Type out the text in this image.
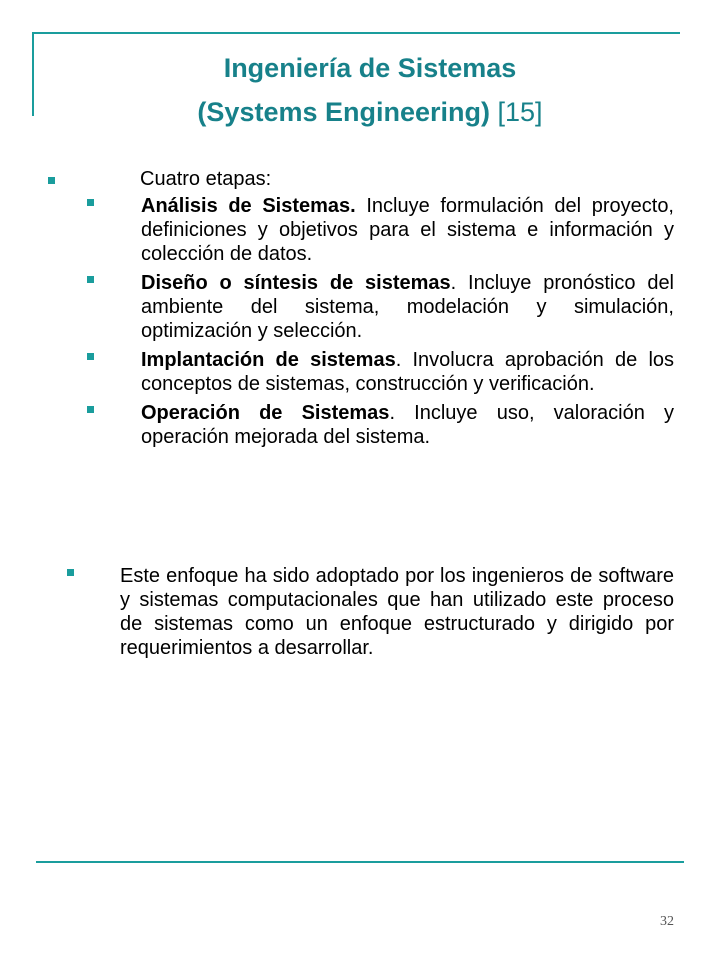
Ingeniería de Sistemas
(Systems Engineering) [15]
Cuatro etapas:
Análisis de Sistemas. Incluye formulación del proyecto, definiciones y objetivos para el sistema e información y colección de datos.
Diseño o síntesis de sistemas. Incluye pronóstico del ambiente del sistema, modelación y simulación, optimización y selección.
Implantación de sistemas. Involucra aprobación de los conceptos de sistemas, construcción y verificación.
Operación de Sistemas. Incluye uso, valoración y operación mejorada del sistema.
Este enfoque ha sido adoptado por los ingenieros de software y sistemas computacionales que han utilizado este proceso de sistemas como un enfoque estructurado y dirigido por requerimientos a desarrollar.
32
